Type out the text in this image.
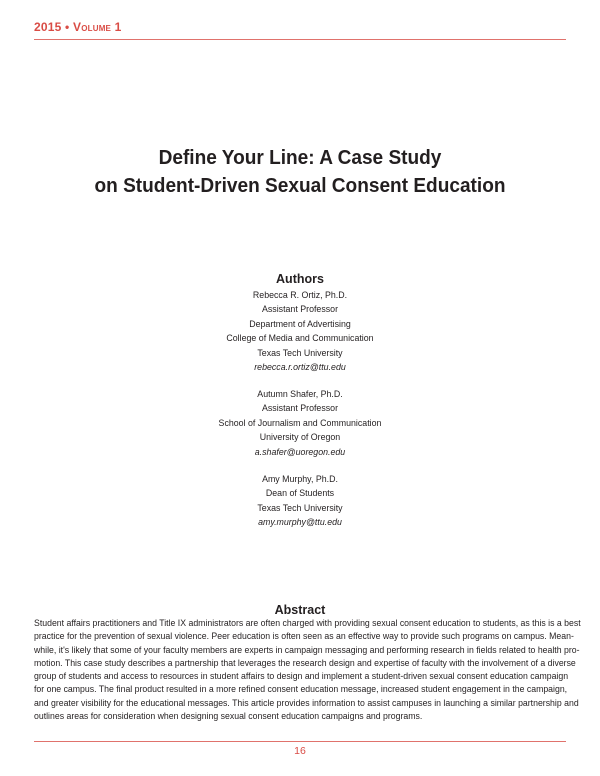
2015 • Volume 1
Define Your Line: A Case Study
on Student-Driven Sexual Consent Education
Authors
Rebecca R. Ortiz, Ph.D.
Assistant Professor
Department of Advertising
College of Media and Communication
Texas Tech University
rebecca.r.ortiz@ttu.edu
Autumn Shafer, Ph.D.
Assistant Professor
School of Journalism and Communication
University of Oregon
a.shafer@uoregon.edu
Amy Murphy, Ph.D.
Dean of Students
Texas Tech University
amy.murphy@ttu.edu
Abstract
Student affairs practitioners and Title IX administrators are often charged with providing sexual consent education to students, as this is a best
practice for the prevention of sexual violence. Peer education is often seen as an effective way to provide such programs on campus. Mean-
while, it's likely that some of your faculty members are experts in campaign messaging and performing research in fields related to health pro-
motion. This case study describes a partnership that leverages the research design and expertise of faculty with the involvement of a diverse
group of students and access to resources in student affairs to design and implement a student-driven sexual consent education campaign
for one campus. The final product resulted in a more refined consent education message, increased student engagement in the campaign,
and greater visibility for the educational messages. This article provides information to assist campuses in launching a similar partnership and
outlines areas for consideration when designing sexual consent education campaigns and programs.
16
